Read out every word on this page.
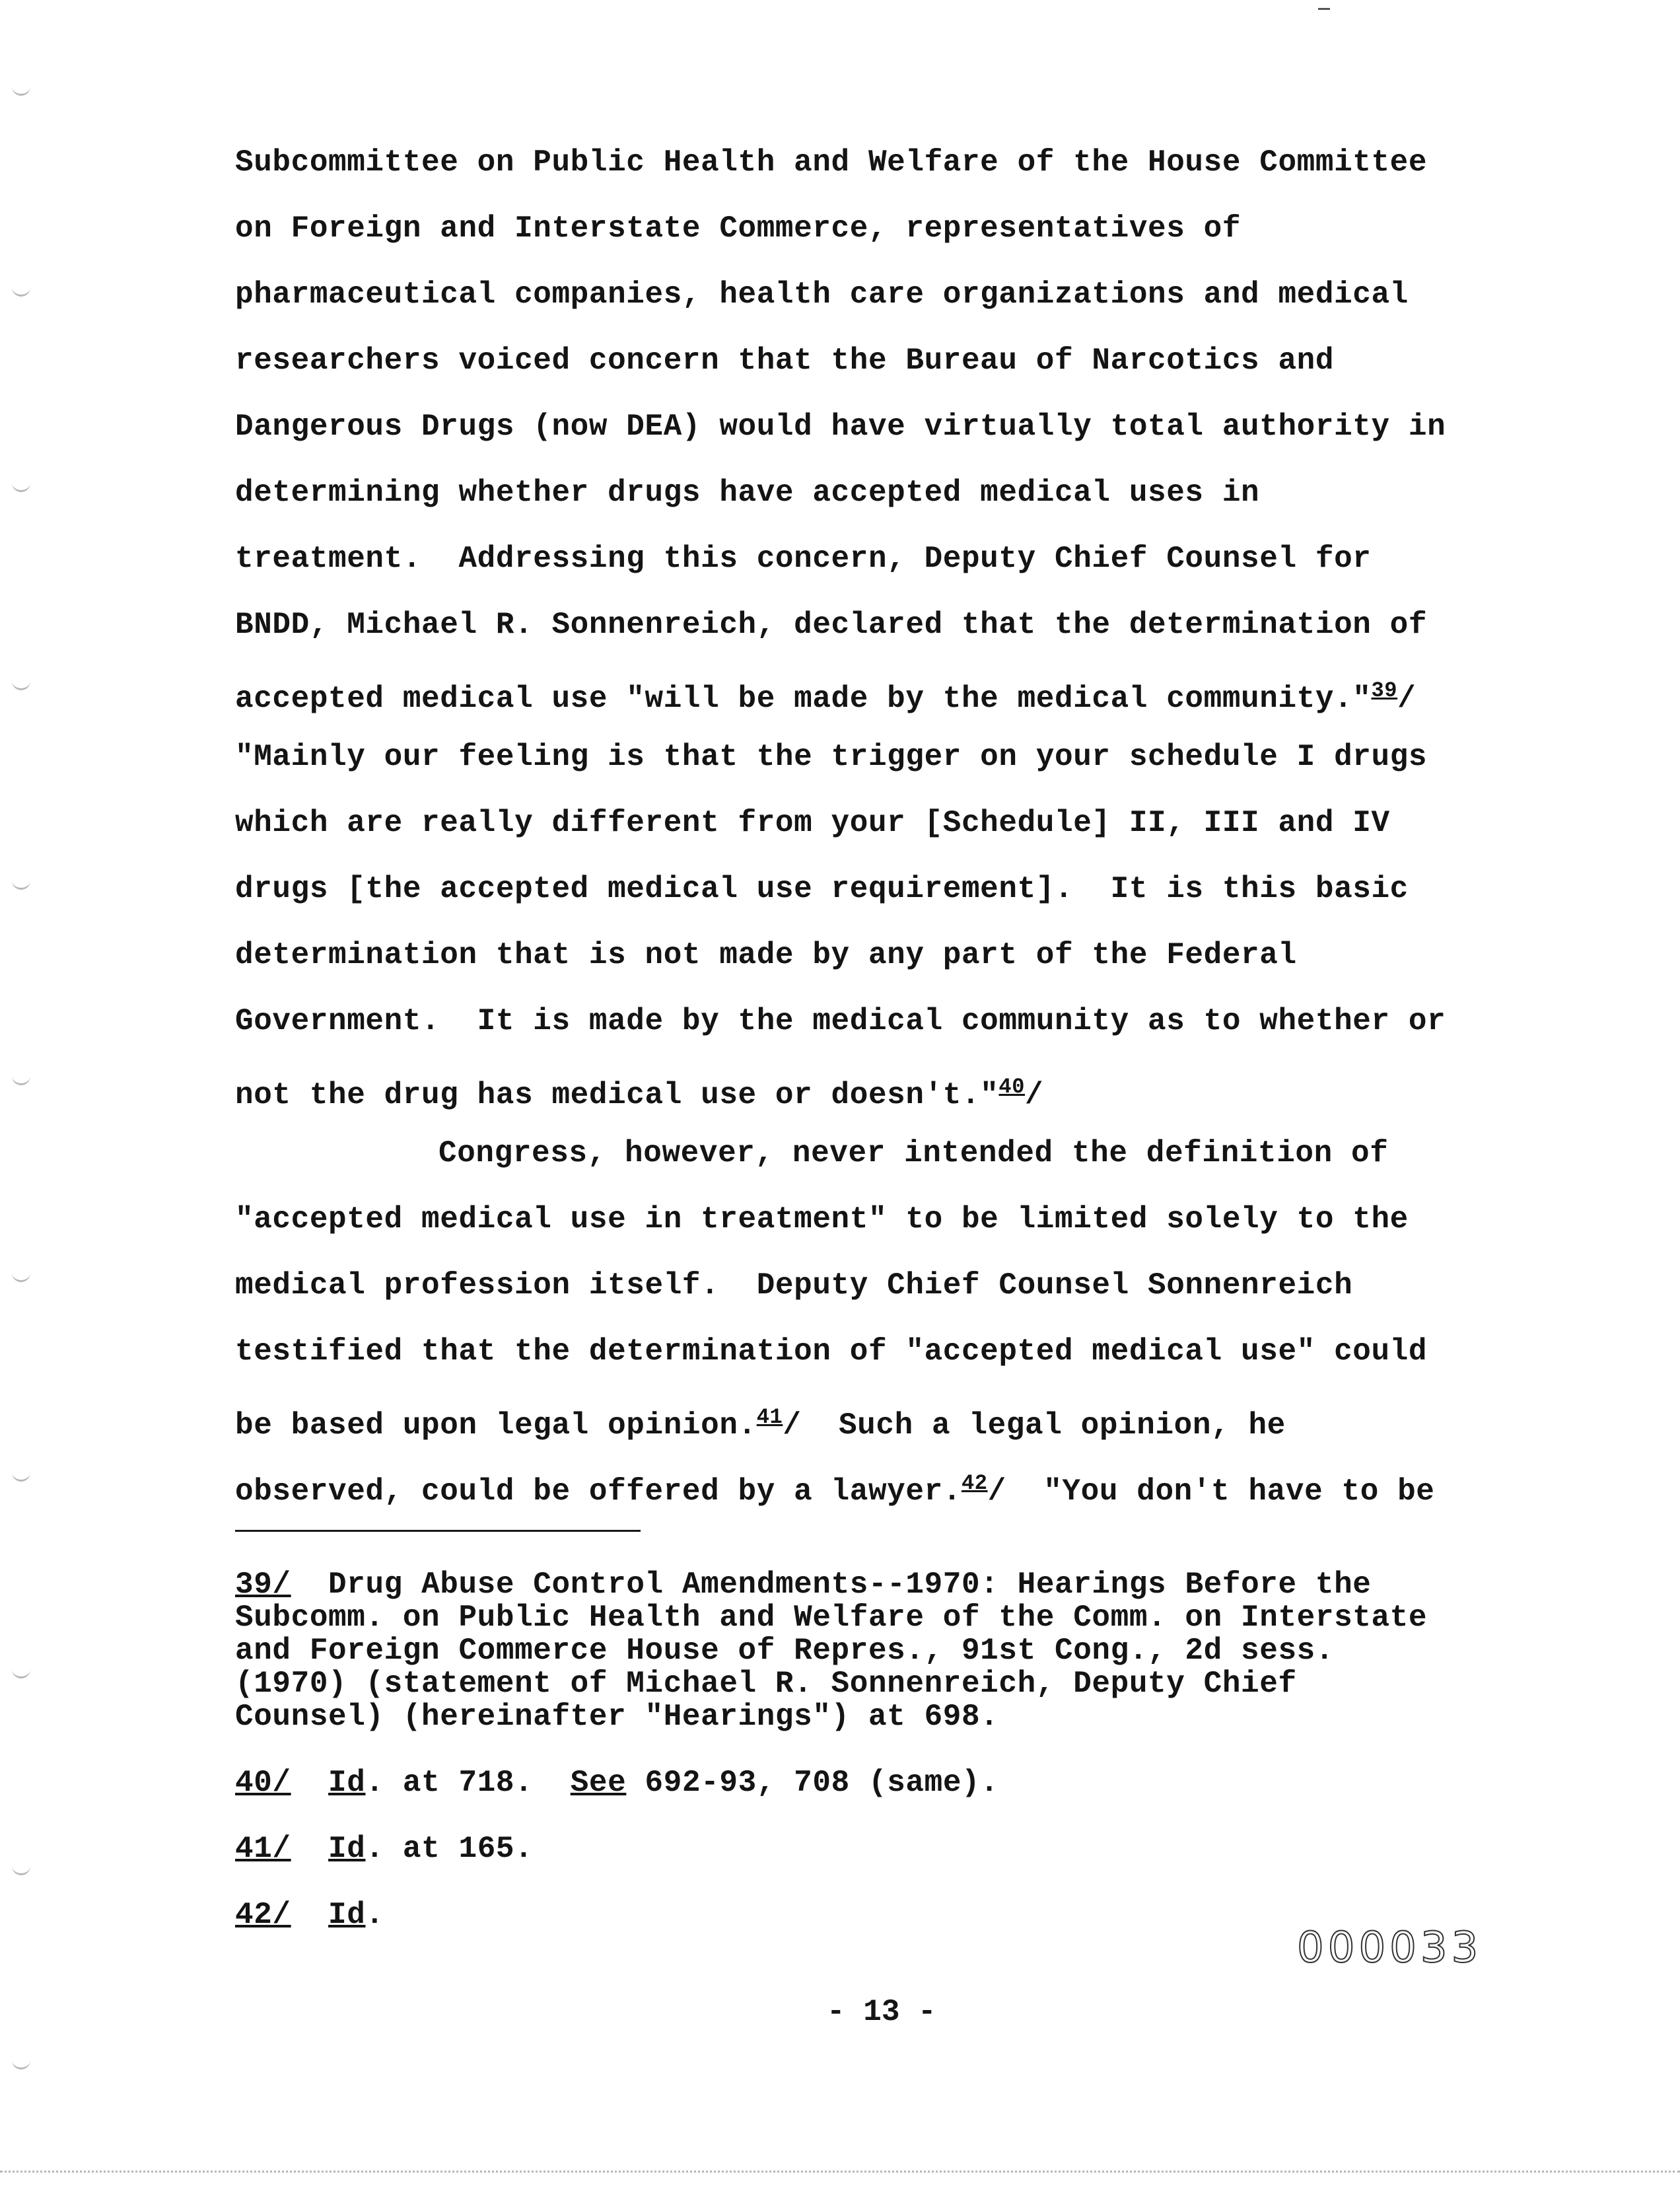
Subcommittee on Public Health and Welfare of the House Committee
on Foreign and Interstate Commerce, representatives of
pharmaceutical companies, health care organizations and medical
researchers voiced concern that the Bureau of Narcotics and
Dangerous Drugs (now DEA) would have virtually total authority in
determining whether drugs have accepted medical uses in
treatment.  Addressing this concern, Deputy Chief Counsel for
BNDD, Michael R. Sonnenreich, declared that the determination of
accepted medical use "will be made by the medical community."$^{39}$/
"Mainly our feeling is that the trigger on your schedule I drugs
which are really different from your [Schedule] II, III and IV
drugs [the accepted medical use requirement].  It is this basic
determination that is not made by any part of the Federal
Government.  It is made by the medical community as to whether or
not the drug has medical use or doesn't."$^{40}$/
Congress, however, never intended the definition of
"accepted medical use in treatment" to be limited solely to the
medical profession itself.  Deputy Chief Counsel Sonnenreich
testified that the determination of "accepted medical use" could
be based upon legal opinion.$^{41}$/  Such a legal opinion, he
observed, could be offered by a lawyer.$^{42}$/  "You don't have to be
39/ Drug Abuse Control Amendments--1970: Hearings Before the
Subcomm. on Public Health and Welfare of the Comm. on Interstate
and Foreign Commerce House of Repres., 91st Cong., 2d sess.
(1970) (statement of Michael R. Sonnenreich, Deputy Chief
Counsel) (hereinafter "Hearings") at 698.
40/ Id. at 718.  See 692-93, 708 (same).
41/ Id. at 165.
42/ Id.
000033
- 13 -
